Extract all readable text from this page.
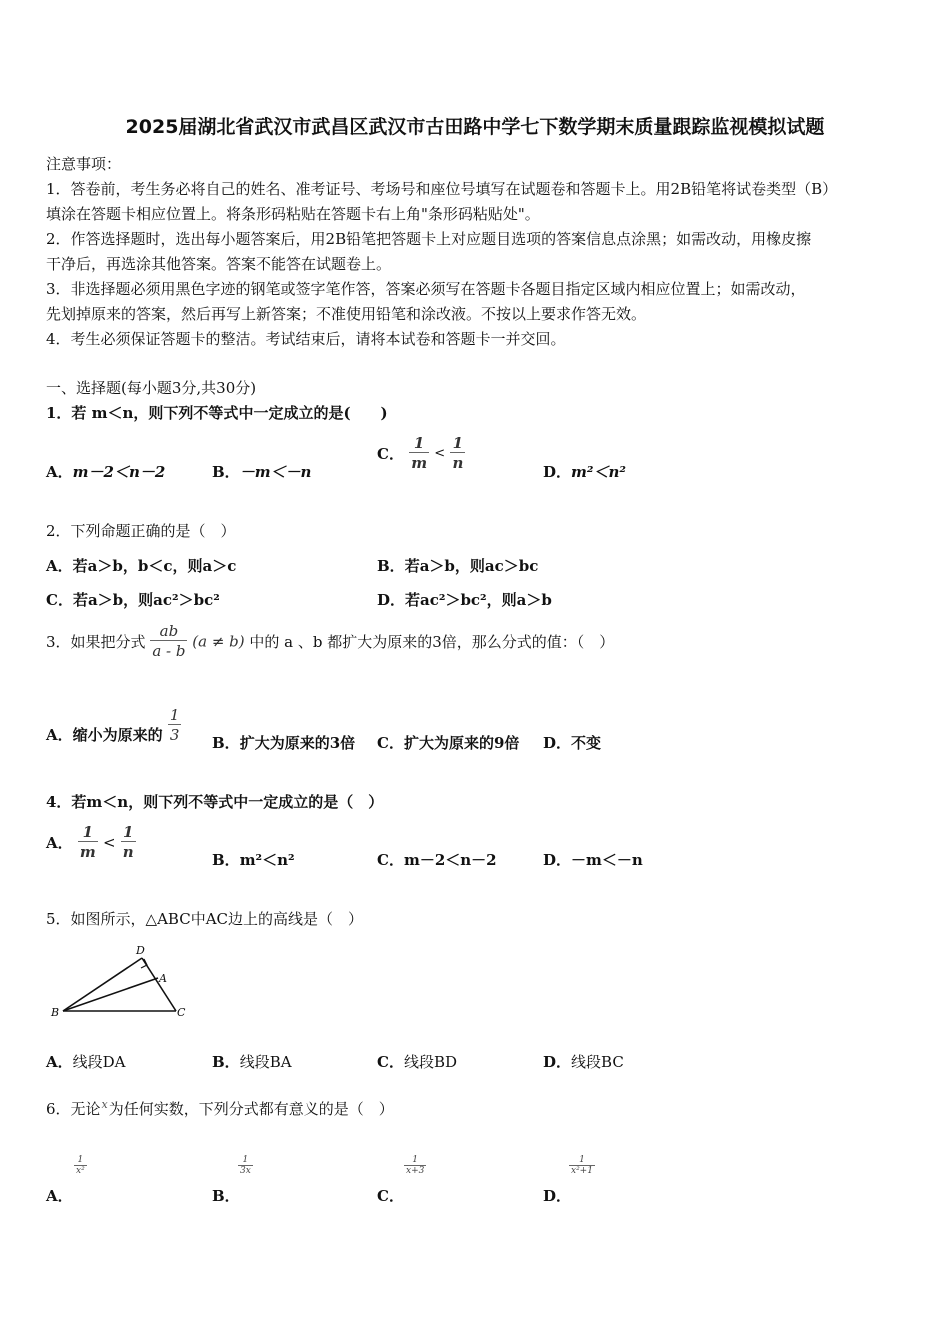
2025届湖北省武汉市武昌区武汉市古田路中学七下数学期末质量跟踪监视模拟试题
注意事项：
1．答卷前，考生务必将自己的姓名、准考证号、考场号和座位号填写在试题卷和答题卡上。用2B铅笔将试卷类型（B）
填涂在答题卡相应位置上。将条形码粘贴在答题卡右上角"条形码粘贴处"。
2．作答选择题时，选出每小题答案后，用2B铅笔把答题卡上对应题目选项的答案信息点涂黑；如需改动，用橡皮擦
干净后，再选涂其他答案。答案不能答在试题卷上。
3．非选择题必须用黑色字迹的钢笔或签字笔作答，答案必须写在答题卡各题目指定区域内相应位置上；如需改动，
先划掉原来的答案，然后再写上新答案；不准使用铅笔和涂改液。不按以上要求作答无效。
4．考生必须保证答题卡的整洁。考试结束后，请将本试卷和答题卡一并交回。
一、选择题(每小题3分,共30分)
1．若 m＜n，则下列不等式中一定成立的是(　　)
A．m－2＜n－2	B．－m＜－n
C． $\frac{1}{m} < \frac{1}{n}$	D．m²＜n²
2．下列命题正确的是（　）
A．若a＞b，b＜c，则a＞c	B．若a＞b，则ac＞bc
C．若a＞b，则ac²＞bc²	D．若ac²＞bc²，则a＞b
3．如果把分式 $\frac{ab}{a - b} (a \ne b)$ 中的 a 、b 都扩大为原来的3倍，那么分式的值：（　）
A．缩小为原来的 $\frac{1}{3}$ B．扩大为原来的3倍 C．扩大为原来的9倍 D．不变
4．若m＜n，则下列不等式中一定成立的是（　）
A． $\frac{1}{m} < \frac{1}{n}$	B．m²＜n²	C．m－2＜n－2	D．－m＜－n
5．如图所示，△ABC中AC边上的高线是（　）
D
A
B	C
A．线段DA	B．线段BA	C．线段BD	D．线段BC
6．无论$^x$为任何实数，下列分式都有意义的是（　）
A．
1
x²
B．
1
3x
C．
1
x+3
D．
1
x²+1
